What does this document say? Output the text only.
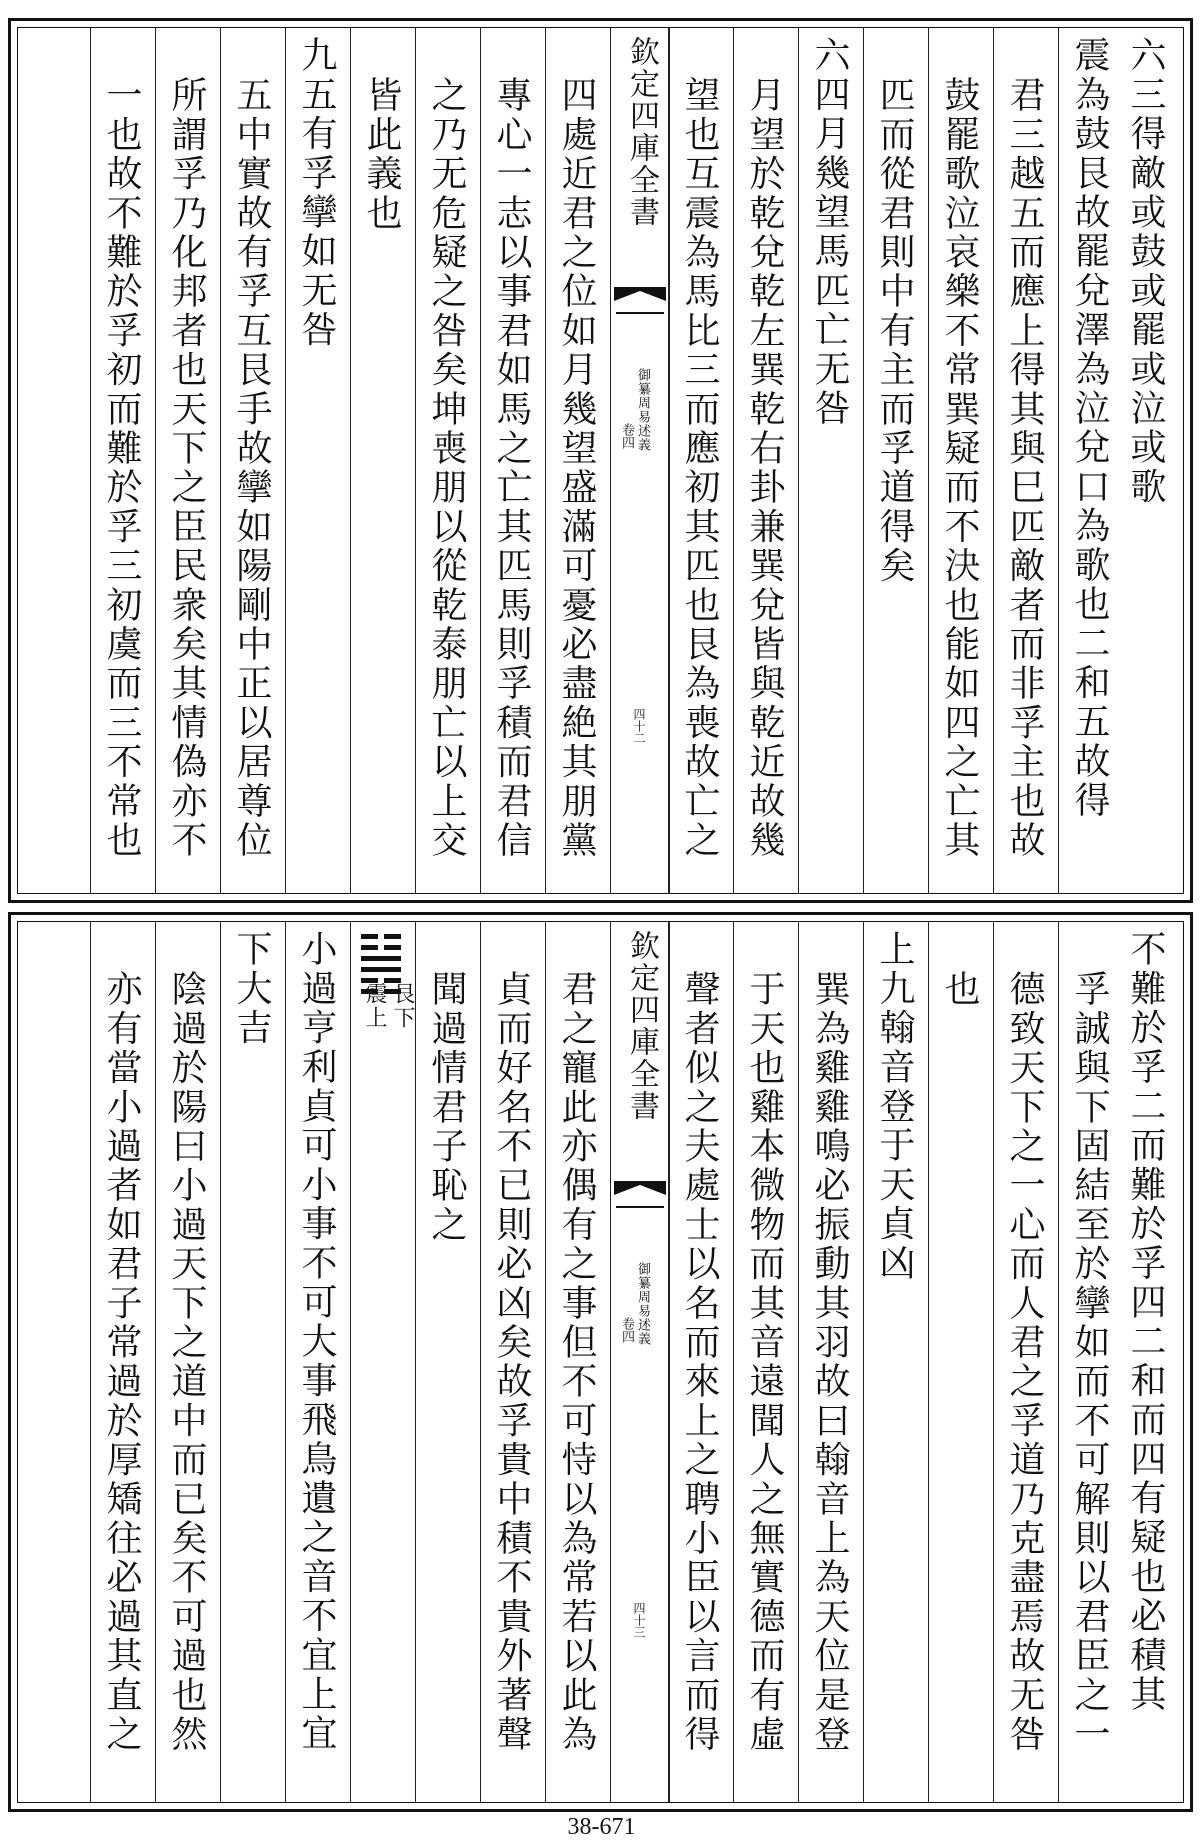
六三得敵或鼓或罷或泣或歌
震為鼓艮故罷兌澤為泣兌口為歌也二和五故得
君三越五而應上得其與巳匹敵者而非孚主也故
鼓罷歌泣哀樂不常巽疑而不決也能如四之亡其
匹而從君則中有主而孚道得矣
六四月幾望馬匹亡无咎
月望於乾兌乾左巽乾右卦兼巽兌皆與乾近故幾
望也互震為馬比三而應初其匹也艮為喪故亡之
欽定四庫全書
御纂周易述義
卷四
四十二
四處近君之位如月幾望盛滿可憂必盡絶其朋黨
專心一志以事君如馬之亡其匹馬則孚積而君信
之乃无危疑之咎矣坤喪朋以從乾泰朋亡以上交
皆此義也
九五有孚攣如无咎
五中實故有孚互艮手故攣如陽剛中正以居尊位
所謂孚乃化邦者也天下之臣民衆矣其情偽亦不
一也故不難於孚初而難於孚三初虞而三不常也
不難於孚二而難於孚四二和而四有疑也必積其
孚誠與下固結至於攣如而不可解則以君臣之一
德致天下之一心而人君之孚道乃克盡焉故无咎
也
上九翰音登于天貞凶
巽為雞雞鳴必振動其羽故曰翰音上為天位是登
于天也雞本微物而其音遠聞人之無實德而有虛
聲者似之夫處士以名而來上之聘小臣以言而得
欽定四庫全書
御纂周易述義
卷四
四十三
君之寵此亦偶有之事但不可恃以為常若以此為
貞而好名不已則必凶矣故孚貴中積不貴外著聲
聞過情君子恥之
艮下
震上
小過亨利貞可小事不可大事飛鳥遺之音不宜上宜
下大吉
陰過於陽曰小過天下之道中而已矣不可過也然
亦有當小過者如君子常過於厚矯往必過其直之
38-671
